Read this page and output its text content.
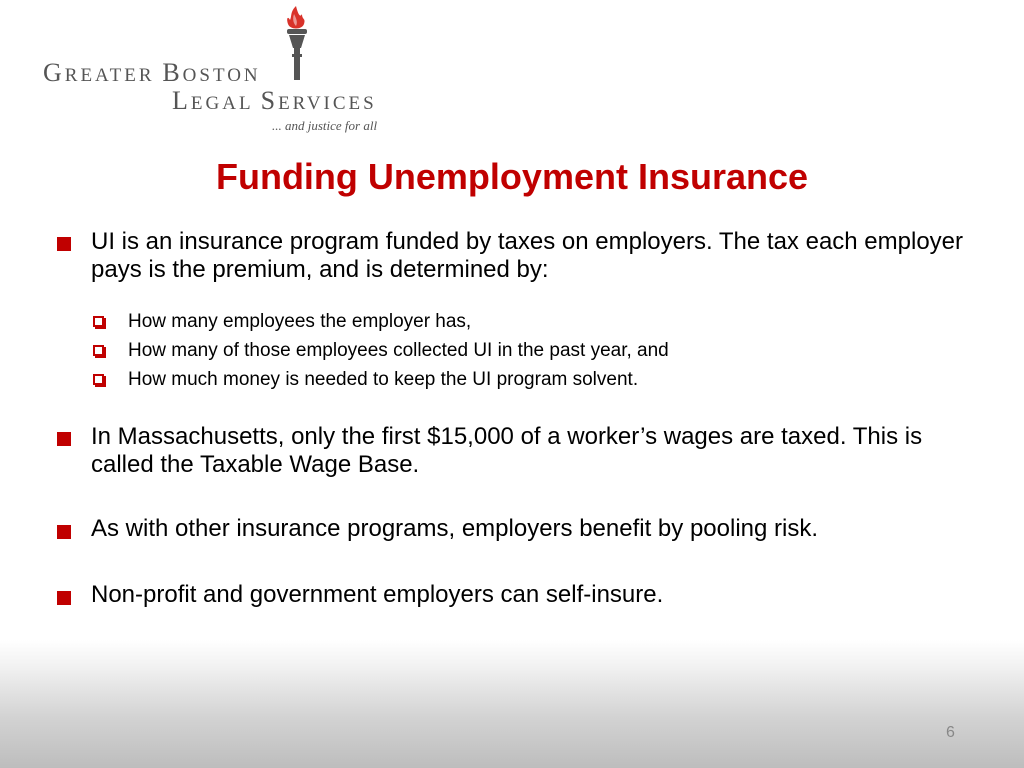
GREATER BOSTON
LEGAL SERVICES
... and justice for all
Funding Unemployment Insurance
UI is an insurance program funded by taxes on employers. The tax each employer pays is the premium, and is determined by:
How many employees the employer has,
How many of those employees collected UI in the past year, and
How much money is needed to keep the UI program solvent.
In Massachusetts, only the first $15,000 of a worker’s wages are taxed. This is called the Taxable Wage Base.
As with other insurance programs, employers benefit by pooling risk.
Non-profit and government employers can self-insure.
6
